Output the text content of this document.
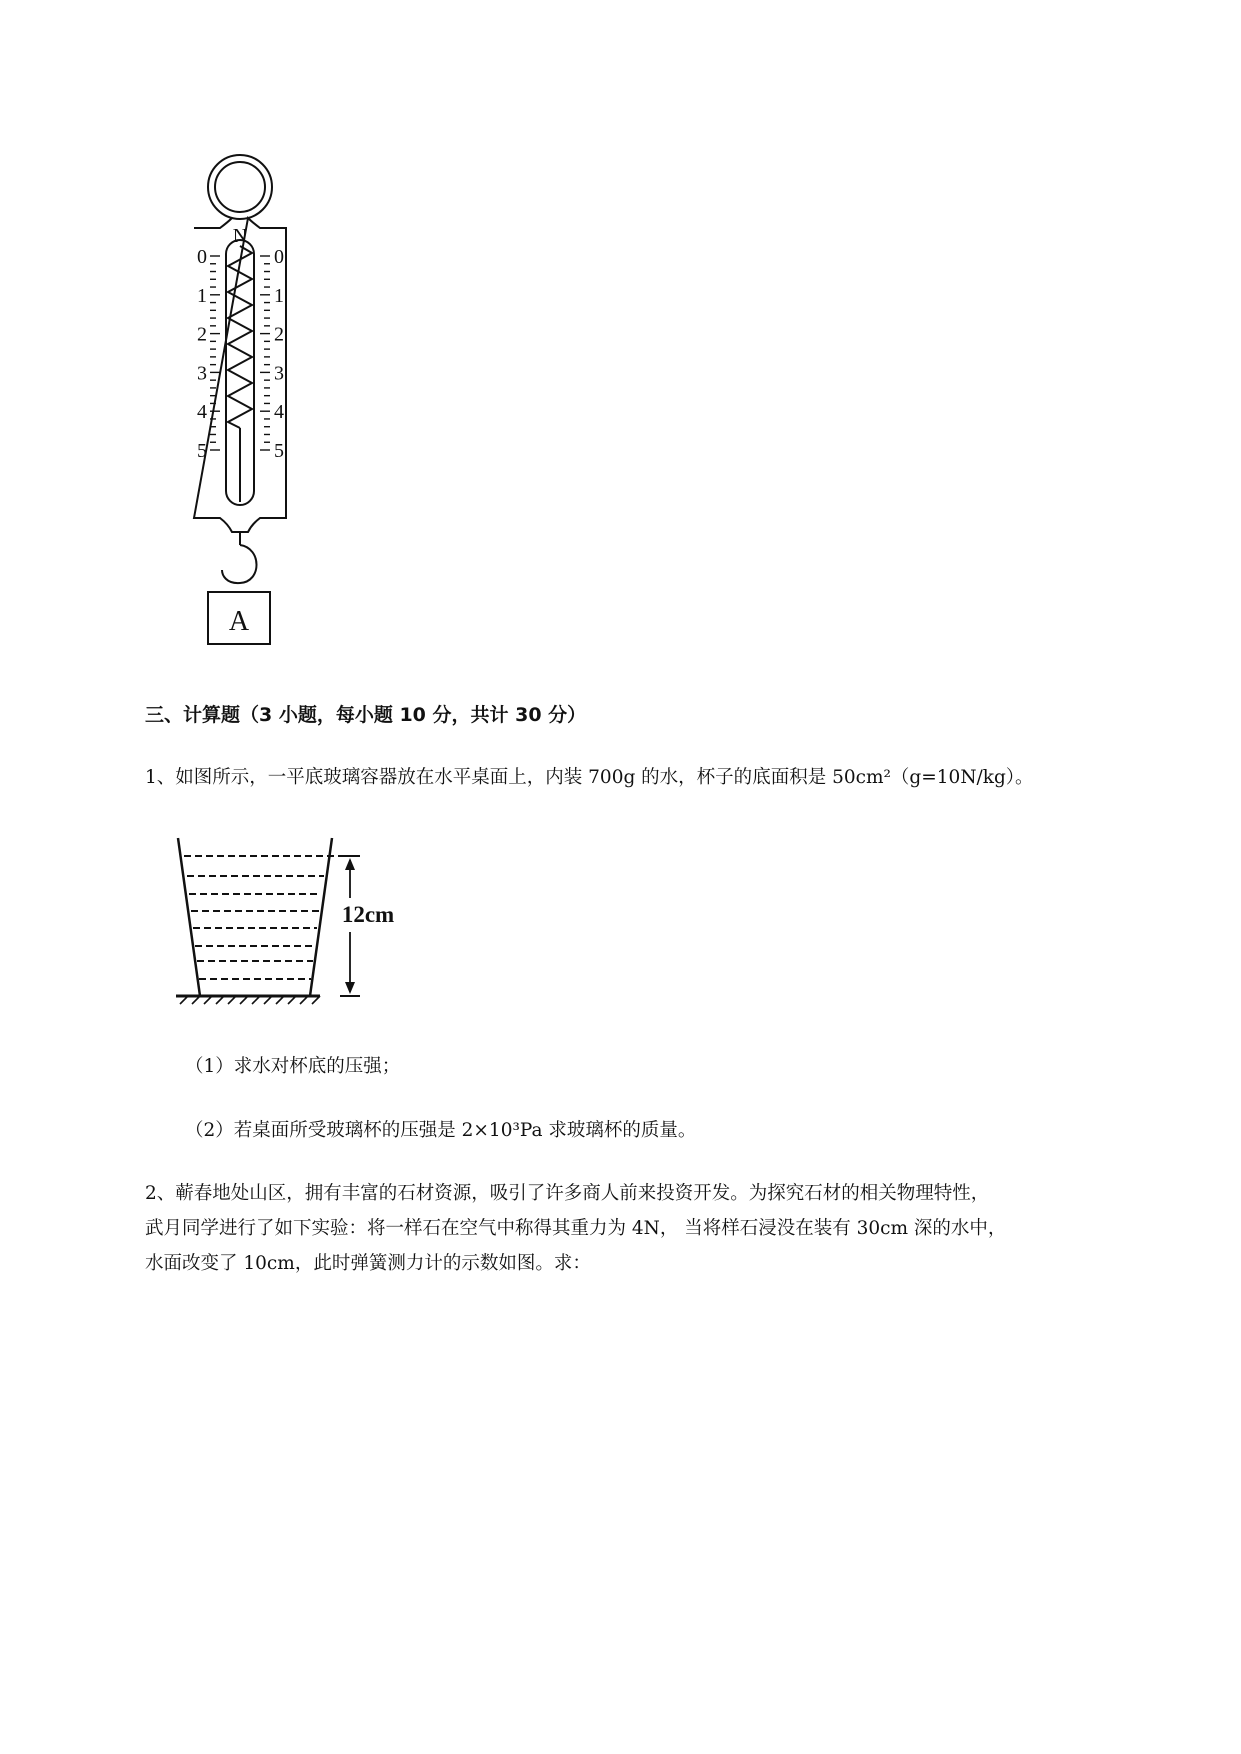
N
0
1
2
3
4
5
0
1
2
3
4
5
A
三、计算题（3 小题，每小题 10 分，共计 30 分）
1、如图所示，一平底玻璃容器放在水平桌面上，内装 700g 的水，杯子的底面积是 50cm²（g=10N/kg）。
12cm
（1）求水对杯底的压强；
（2）若桌面所受玻璃杯的压强是 2×10³Pa 求玻璃杯的质量。
2、蕲春地处山区，拥有丰富的石材资源，吸引了许多商人前来投资开发。为探究石材的相关物理特性，
武月同学进行了如下实验：将一样石在空气中称得其重力为 4N， 当将样石浸没在装有 30cm 深的水中，
水面改变了 10cm，此时弹簧测力计的示数如图。求：
